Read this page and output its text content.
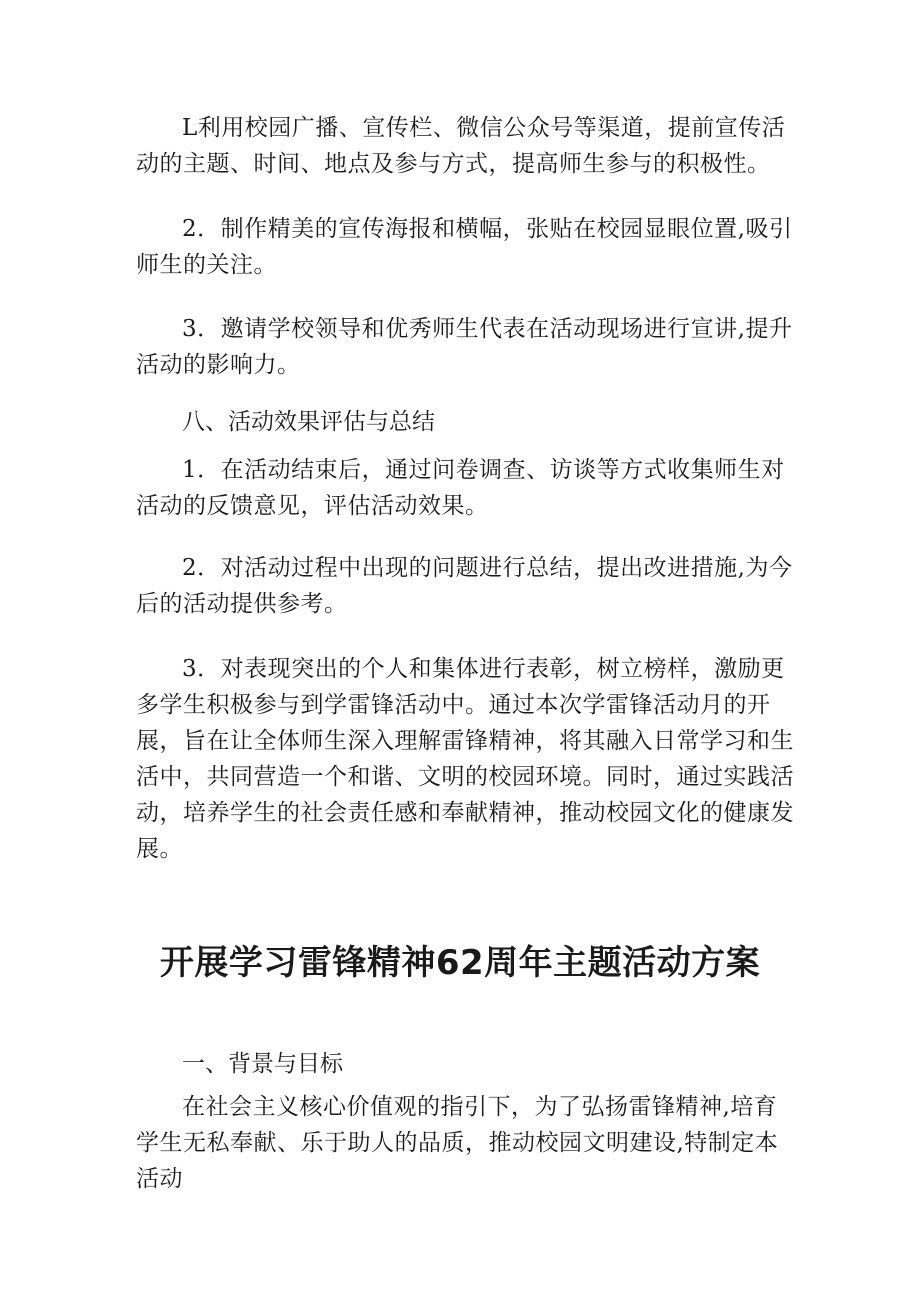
L利用校园广播、宣传栏、微信公众号等渠道，提前宣传活动的主题、时间、地点及参与方式，提高师生参与的积极性。

2．制作精美的宣传海报和横幅，张贴在校园显眼位置,吸引师生的关注。

3．邀请学校领导和优秀师生代表在活动现场进行宣讲,提升活动的影响力。

八、活动效果评估与总结

1．在活动结束后，通过问卷调查、访谈等方式收集师生对活动的反馈意见，评估活动效果。

2．对活动过程中出现的问题进行总结，提出改进措施,为今后的活动提供参考。

3．对表现突出的个人和集体进行表彰，树立榜样，激励更多学生积极参与到学雷锋活动中。通过本次学雷锋活动月的开展，旨在让全体师生深入理解雷锋精神，将其融入日常学习和生活中，共同营造一个和谐、文明的校园环境。同时，通过实践活动，培养学生的社会责任感和奉献精神，推动校园文化的健康发展。

开展学习雷锋精神62周年主题活动方案

一、背景与目标

在社会主义核心价值观的指引下，为了弘扬雷锋精神,培育学生无私奉献、乐于助人的品质，推动校园文明建设,特制定本活动
